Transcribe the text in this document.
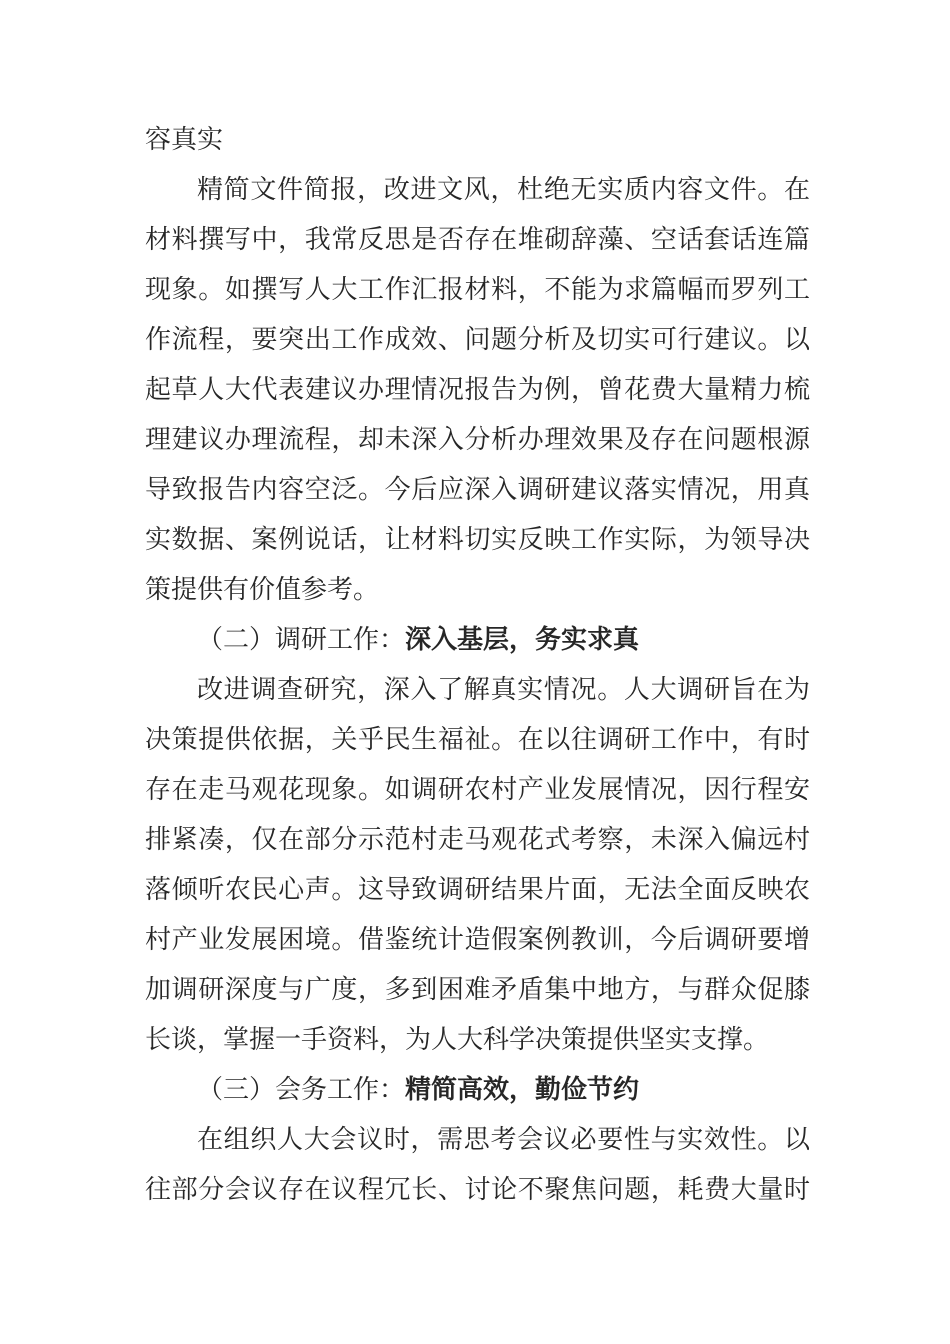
容真实
精简文件简报，改进文风，杜绝无实质内容文件。在
材料撰写中，我常反思是否存在堆砌辞藻、空话套话连篇
现象。如撰写人大工作汇报材料，不能为求篇幅而罗列工
作流程，要突出工作成效、问题分析及切实可行建议。以
起草人大代表建议办理情况报告为例，曾花费大量精力梳
理建议办理流程，却未深入分析办理效果及存在问题根源
导致报告内容空泛。今后应深入调研建议落实情况，用真
实数据、案例说话，让材料切实反映工作实际，为领导决
策提供有价值参考。
（二）调研工作：深入基层，务实求真
改进调查研究，深入了解真实情况。人大调研旨在为
决策提供依据，关乎民生福祉。在以往调研工作中，有时
存在走马观花现象。如调研农村产业发展情况，因行程安
排紧凑，仅在部分示范村走马观花式考察，未深入偏远村
落倾听农民心声。这导致调研结果片面，无法全面反映农
村产业发展困境。借鉴统计造假案例教训，今后调研要增
加调研深度与广度，多到困难矛盾集中地方，与群众促膝
长谈，掌握一手资料，为人大科学决策提供坚实支撑。
（三）会务工作：精简高效，勤俭节约
在组织人大会议时，需思考会议必要性与实效性。以
往部分会议存在议程冗长、讨论不聚焦问题，耗费大量时
